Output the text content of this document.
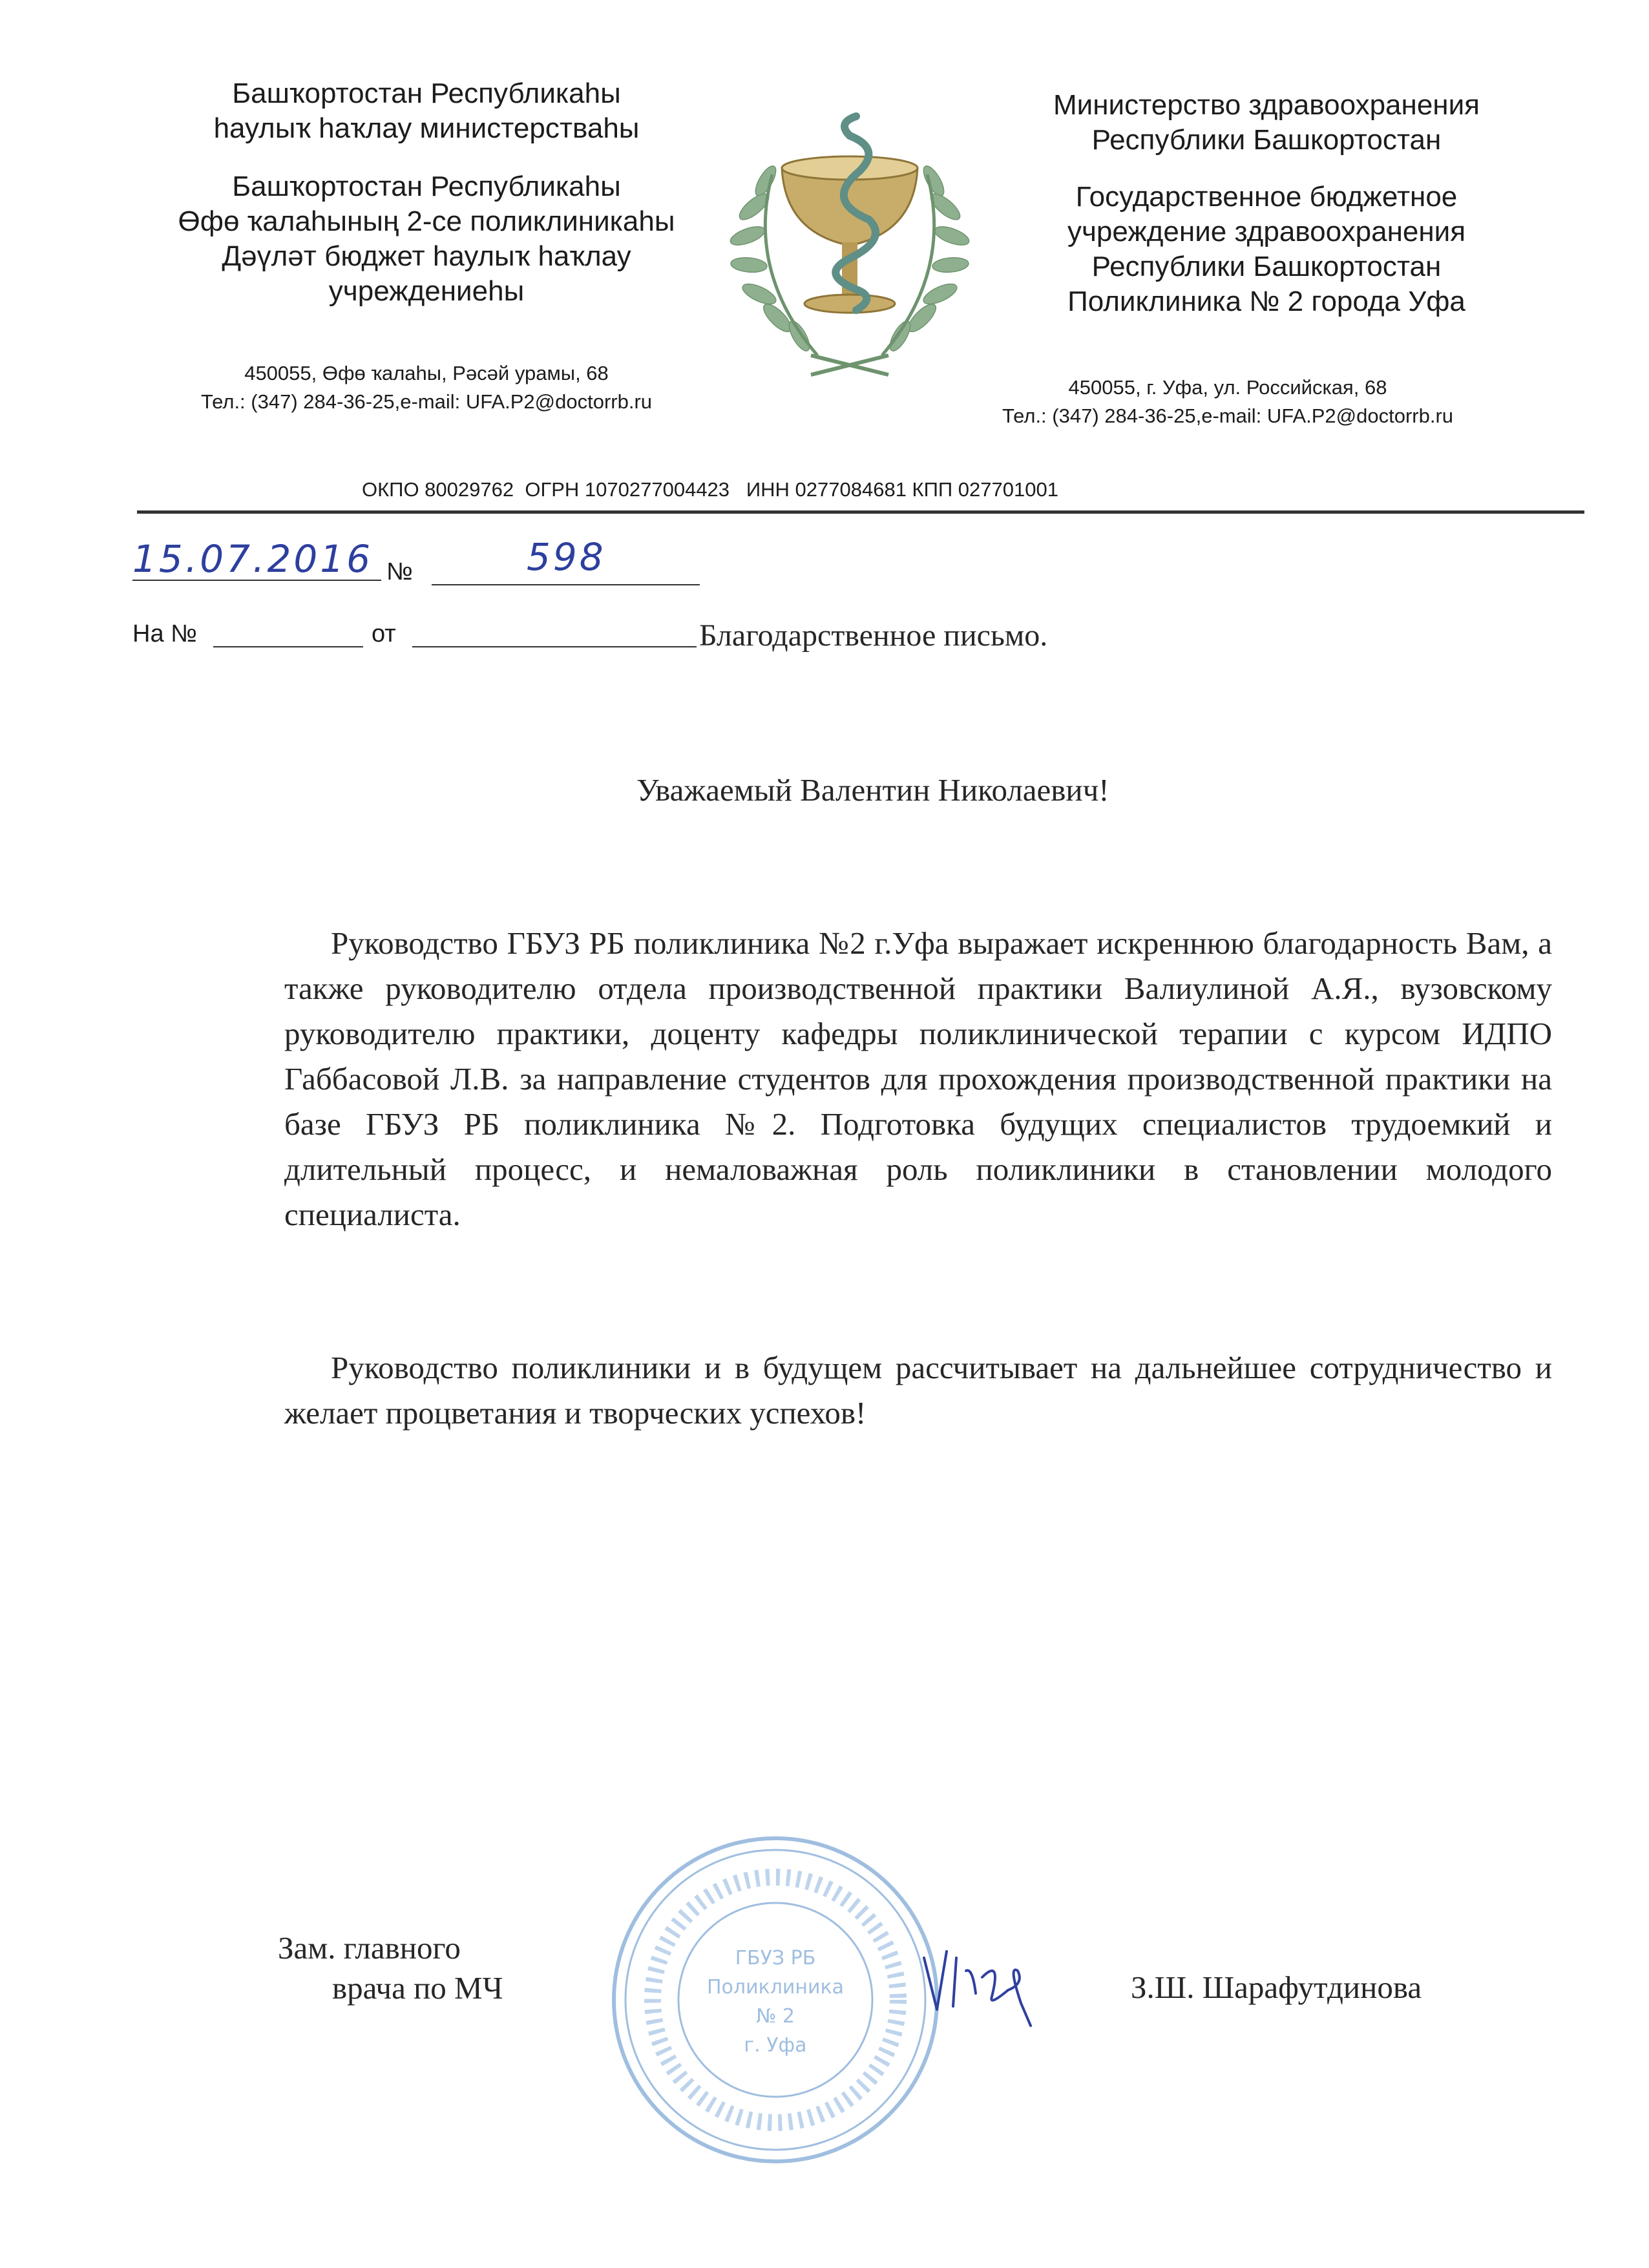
Башҡортостан Республикаһы
һаулыҡ һаҡлау министерстваһы
Башҡортостан Республикаһы
Өфө ҡалаһының 2-се поликлиникаһы
Дәүләт бюджет һаулыҡ һаҡлау
учреждениеһы
450055, Өфө ҡалаһы, Рәсәй урамы, 68
Тел.: (347) 284-36-25,e-mail: UFA.P2@doctorrb.ru
Министерство здравоохранения
Республики Башкортостан
Государственное бюджетное
учреждение здравоохранения
Республики Башкортостан
Поликлиника № 2 города Уфа
450055, г. Уфа, ул. Российская, 68
Тел.: (347) 284-36-25,e-mail: UFA.P2@doctorrb.ru
ОКПО 80029762  ОГРН 1070277004423   ИНН 0277084681 КПП 027701001
15.07.2016 №	598
На №	от	Благодарственное письмо.
Уважаемый Валентин Николаевич!

Руководство ГБУЗ РБ поликлиника №2 г.Уфа выражает искреннюю благодарность Вам, а также руководителю отдела производственной практики Валиулиной А.Я., вузовскому руководителю практики, доценту кафедры поликлинической терапии с курсом ИДПО Габбасовой Л.В. за направление студентов для прохождения производственной практики на базе ГБУЗ РБ поликлиника №2. Подготовка будущих специалистов трудоемкий и длительный процесс, и немаловажная роль поликлиники в становлении молодого специалиста.

Руководство поликлиники и в будущем рассчитывает на дальнейшее сотрудничество и желает процветания и творческих успехов!

ГБУЗ РБ
Поликлиника
№ 2
г. Уфа
Зам. главного
врача по МЧ	З.Ш. Шарафутдинова
